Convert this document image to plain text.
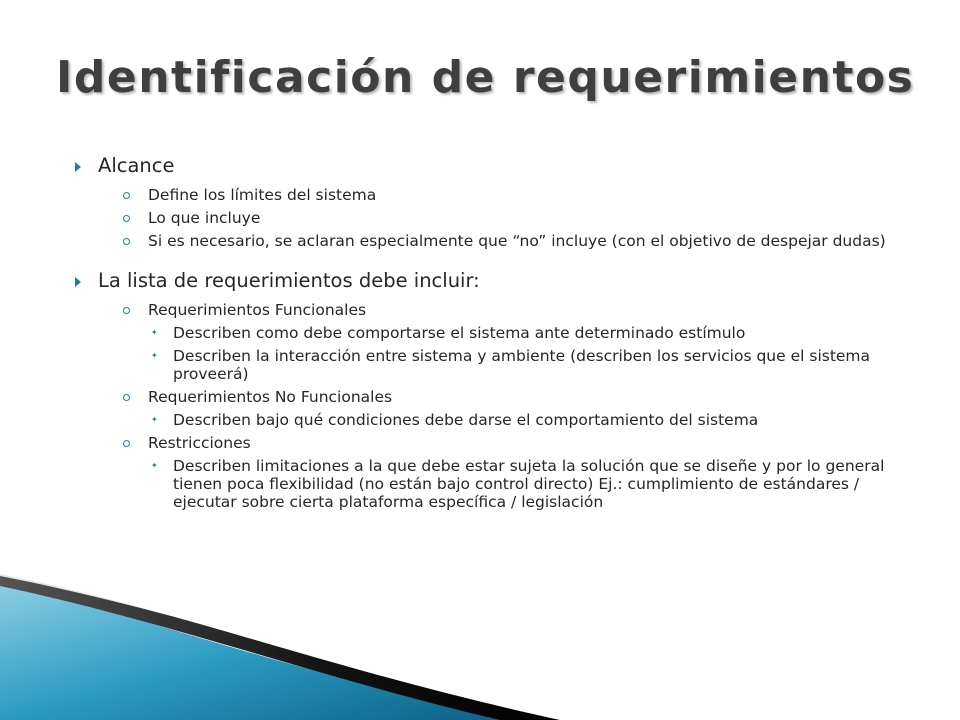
Identificación de requerimientos
Alcance
Define los límites del sistema
Lo que incluye
Si es necesario, se aclaran especialmente que “no” incluye (con el objetivo de despejar dudas)
La lista de requerimientos debe incluir:
Requerimientos Funcionales
✦ Describen como debe comportarse el sistema ante determinado estímulo
✦ Describen la interacción entre sistema y ambiente (describen los servicios que el sistema proveerá)
Requerimientos No Funcionales
✦ Describen bajo qué condiciones debe darse el comportamiento del sistema
Restricciones
✦ Describen limitaciones a la que debe estar sujeta la solución que se diseñe y por lo general tienen poca flexibilidad (no están bajo control directo) Ej.: cumplimiento de estándares / ejecutar sobre cierta plataforma específica / legislación
